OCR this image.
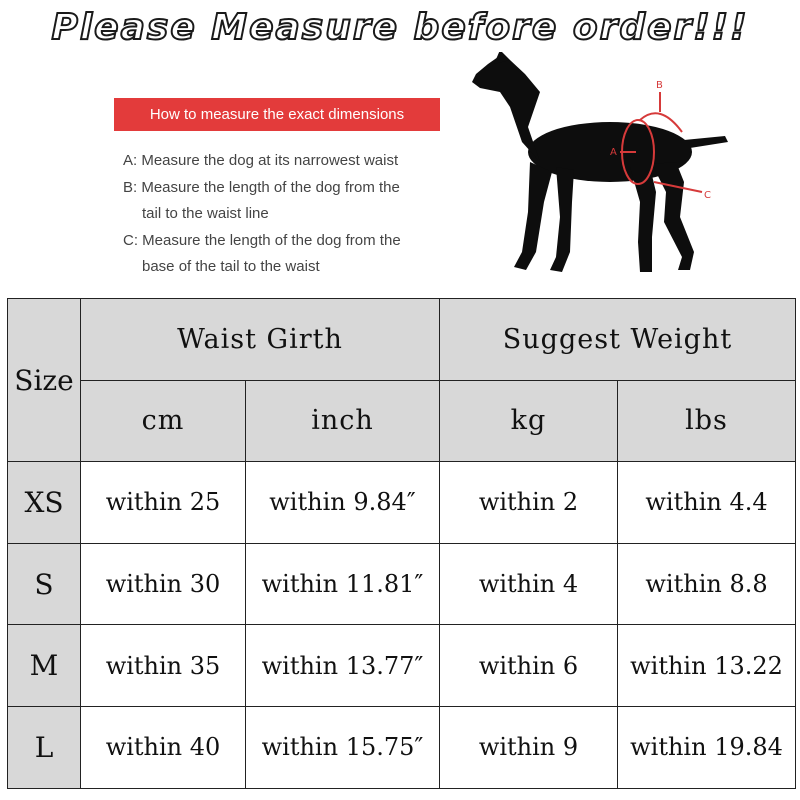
Please Measure before order!!!
How to measure the exact dimensions
A: Measure the dog at its narrowest waist
B: Measure the length of the dog from the
tail to the waist line
C: Measure the length of the dog from the
base of the tail to the waist
B
A
C
Size	Waist Girth		Suggest Weight	
	cm	inch	kg	lbs
XS	within 25	within 9.84″	within 2	within 4.4
S	within 30	within 11.81″	within 4	within 8.8
M	within 35	within 13.77″	within 6	within 13.22
L	within 40	within 15.75″	within 9	within 19.84
